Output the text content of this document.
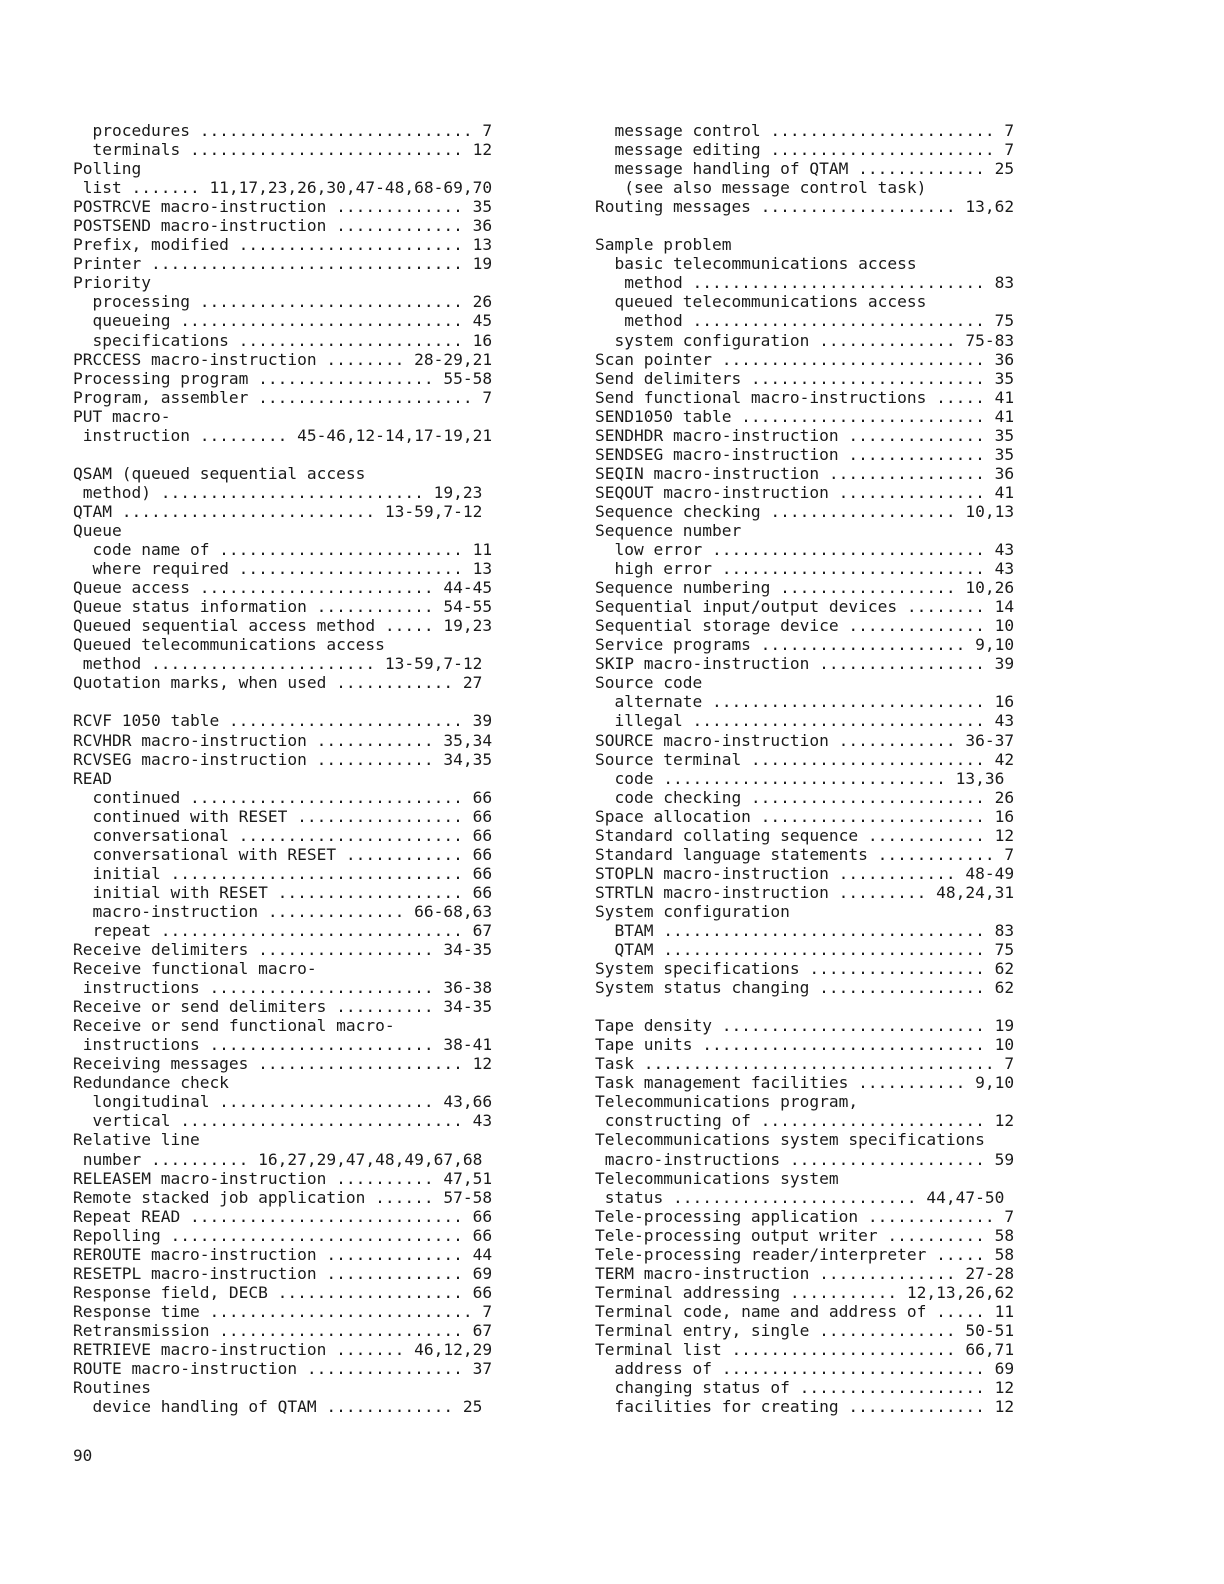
procedures ............................ 7
terminals ............................ 12
Polling
list ....... 11,17,23,26,30,47-48,68-69,70
POSTRCVE macro-instruction ............. 35
POSTSEND macro-instruction ............. 36
Prefix, modified ....................... 13
Printer ................................ 19
Priority
processing ........................... 26
queueing ............................. 45
specifications ....................... 16
PRCCESS macro-instruction ........ 28-29,21
Processing program .................. 55-58
Program, assembler ...................... 7
PUT macro-
instruction ......... 45-46,12-14,17-19,21
QSAM (queued sequential access
method) ........................... 19,23
QTAM .......................... 13-59,7-12
Queue
code name of ......................... 11
where required ....................... 13
Queue access ........................ 44-45
Queue status information ............ 54-55
Queued sequential access method ..... 19,23
Queued telecommunications access
method ....................... 13-59,7-12
Quotation marks, when used ............ 27
RCVF 1050 table ........................ 39
RCVHDR macro-instruction ............ 35,34
RCVSEG macro-instruction ............ 34,35
READ
continued ............................ 66
continued with RESET ................. 66
conversational ....................... 66
conversational with RESET ............ 66
initial .............................. 66
initial with RESET ................... 66
macro-instruction .............. 66-68,63
repeat ............................... 67
Receive delimiters .................. 34-35
Receive functional macro-
instructions ....................... 36-38
Receive or send delimiters .......... 34-35
Receive or send functional macro-
instructions ....................... 38-41
Receiving messages ..................... 12
Redundance check
longitudinal ...................... 43,66
vertical ............................. 43
Relative line
number .......... 16,27,29,47,48,49,67,68
RELEASEM macro-instruction .......... 47,51
Remote stacked job application ...... 57-58
Repeat READ ............................ 66
Repolling .............................. 66
REROUTE macro-instruction .............. 44
RESETPL macro-instruction .............. 69
Response field, DECB ................... 66
Response time ........................... 7
Retransmission ......................... 67
RETRIEVE macro-instruction ....... 46,12,29
ROUTE macro-instruction ................ 37
Routines
device handling of QTAM ............. 25
message control ....................... 7
message editing ....................... 7
message handling of QTAM ............. 25
(see also message control task)
Routing messages .................... 13,62
Sample problem
basic telecommunications access
method .............................. 83
queued telecommunications access
method .............................. 75
system configuration .............. 75-83
Scan pointer ........................... 36
Send delimiters ........................ 35
Send functional macro-instructions ..... 41
SEND1050 table ......................... 41
SENDHDR macro-instruction .............. 35
SENDSEG macro-instruction .............. 35
SEQIN macro-instruction ................ 36
SEQOUT macro-instruction ............... 41
Sequence checking ................... 10,13
Sequence number
low error ............................ 43
high error ........................... 43
Sequence numbering .................. 10,26
Sequential input/output devices ........ 14
Sequential storage device .............. 10
Service programs ..................... 9,10
SKIP macro-instruction ................. 39
Source code
alternate ............................ 16
illegal .............................. 43
SOURCE macro-instruction ............ 36-37
Source terminal ........................ 42
code ............................. 13,36
code checking ........................ 26
Space allocation ....................... 16
Standard collating sequence ............ 12
Standard language statements ............ 7
STOPLN macro-instruction ............ 48-49
STRTLN macro-instruction ......... 48,24,31
System configuration
BTAM ................................. 83
QTAM ................................. 75
System specifications .................. 62
System status changing ................. 62
Tape density ........................... 19
Tape units ............................. 10
Task .................................... 7
Task management facilities ........... 9,10
Telecommunications program,
constructing of ....................... 12
Telecommunications system specifications
macro-instructions .................... 59
Telecommunications system
status ......................... 44,47-50
Tele-processing application ............. 7
Tele-processing output writer .......... 58
Tele-processing reader/interpreter ..... 58
TERM macro-instruction .............. 27-28
Terminal addressing ........... 12,13,26,62
Terminal code, name and address of ..... 11
Terminal entry, single .............. 50-51
Terminal list ....................... 66,71
address of ........................... 69
changing status of ................... 12
facilities for creating .............. 12
90
